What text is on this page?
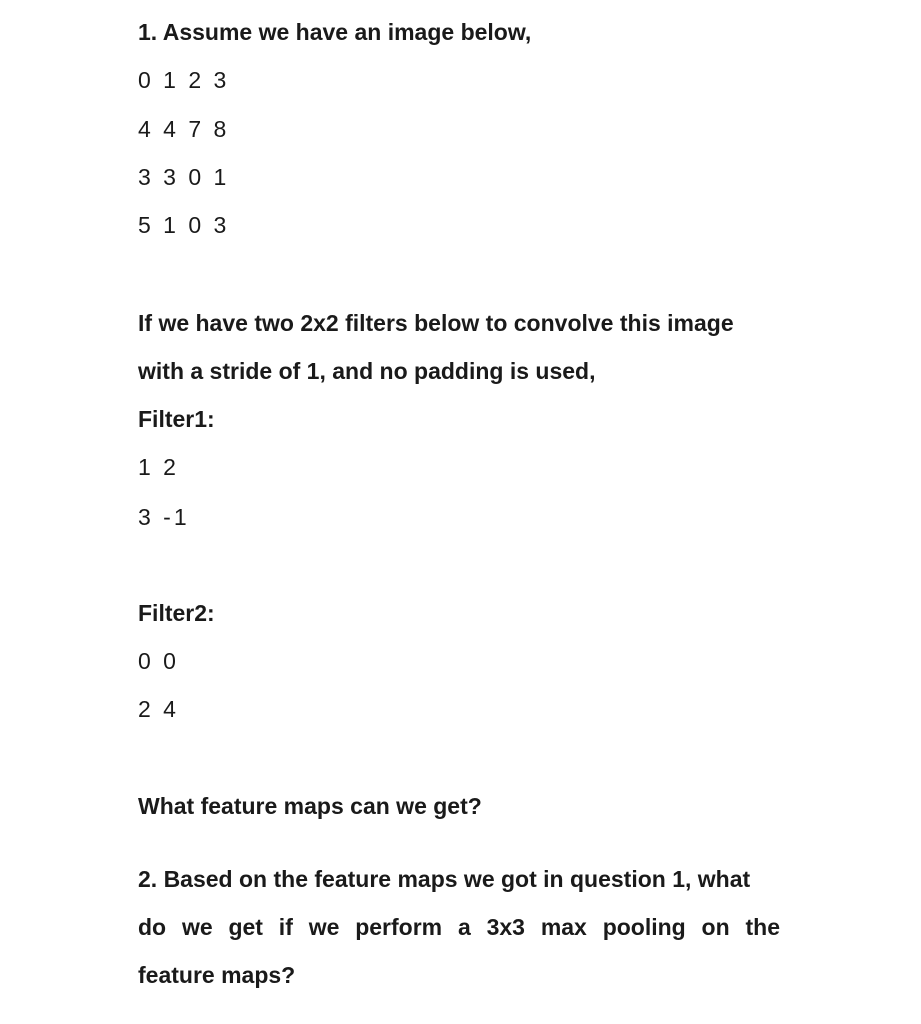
1. Assume we have an image below,
0 1 2 3
4 4 7 8
3 3 0 1
5 1 0 3
If we have two 2x2 filters below to convolve this image
with a stride of 1, and no padding is used,
Filter1:
1 2
3 -1
Filter2:
0 0
2 4
What feature maps can we get?
2. Based on the feature maps we got in question 1, what
do we get if we perform a 3x3 max pooling on the
feature maps?
